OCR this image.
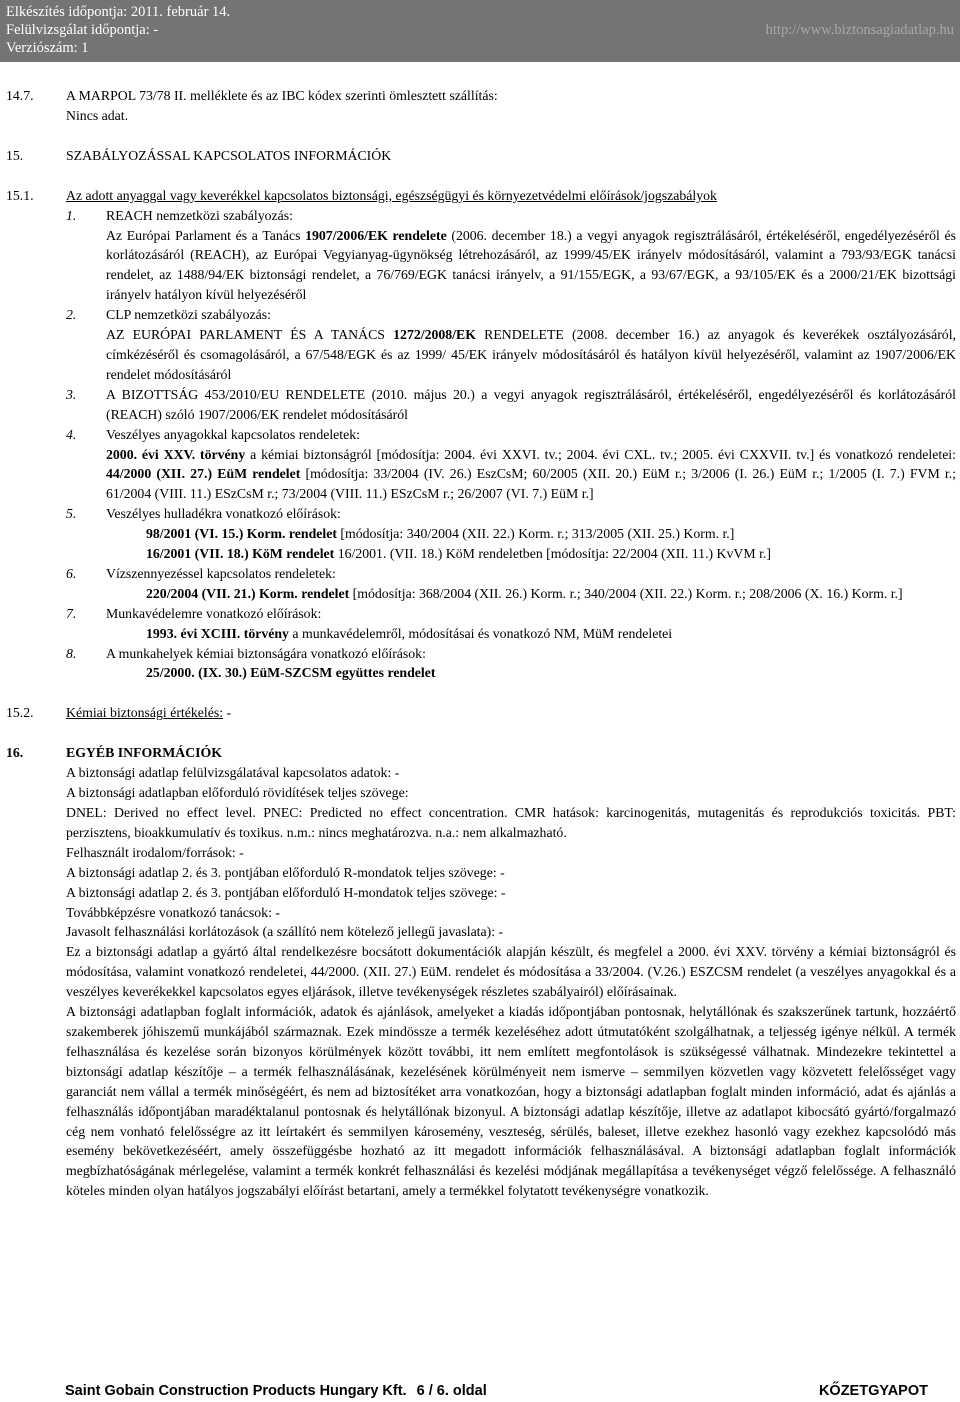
Elkészítés időpontja: 2011. február 14.
Felülvizsgálat időpontja: -
Verziószám: 1
http://www.biztonsagiadatlap.hu
14.7.	A MARPOL 73/78 II. melléklete és az IBC kódex szerinti ömlesztett szállítás:
Nincs adat.
15.	SZABÁLYOZÁSSAL KAPCSOLATOS INFORMÁCIÓK
15.1.	Az adott anyaggal vagy keverékkel kapcsolatos biztonsági, egészségügyi és környezetvédelmi előírások/jogszabályok
1. REACH nemzetközi szabályozás:
Az Európai Parlament és a Tanács 1907/2006/EK rendelete (2006. december 18.) a vegyi anyagok regisztrálásáról, értékeléséről, engedélyezéséről és korlátozásáról (REACH), az Európai Vegyianyag-ügynökség létrehozásáról, az 1999/45/EK irányelv módosításáról, valamint a 793/93/EGK tanácsi rendelet, az 1488/94/EK biztonsági rendelet, a 76/769/EGK tanácsi irányelv, a 91/155/EGK, a 93/67/EGK, a 93/105/EK és a 2000/21/EK bizottsági irányelv hatályon kívül helyezéséről
2. CLP nemzetközi szabályozás:
AZ EURÓPAI PARLAMENT ÉS A TANÁCS 1272/2008/EK RENDELETE (2008. december 16.) az anyagok és keverékek osztályozásáról, címkézéséről és csomagolásáról, a 67/548/EGK és az 1999/ 45/EK irányelv módosításáról és hatályon kívül helyezéséről, valamint az 1907/2006/EK rendelet módosításáról
3. A BIZOTTSÁG 453/2010/EU RENDELETE (2010. május 20.) a vegyi anyagok regisztrálásáról, értékeléséről, engedélyezéséről és korlátozásáról (REACH) szóló 1907/2006/EK rendelet módosításáról
4. Veszélyes anyagokkal kapcsolatos rendeletek:
2000. évi XXV. törvény a kémiai biztonságról [módosítja: 2004. évi XXVI. tv.; 2004. évi CXL. tv.; 2005. évi CXXVII. tv.] és vonatkozó rendeletei: 44/2000 (XII. 27.) EüM rendelet [módosítja: 33/2004 (IV. 26.) EszCsM; 60/2005 (XII. 20.) EüM r.; 3/2006 (I. 26.) EüM r.; 1/2005 (I. 7.) FVM r.; 61/2004 (VIII. 11.) ESzCsM r.; 73/2004 (VIII. 11.) ESzCsM r.; 26/2007 (VI. 7.) EüM r.]
5. Veszélyes hulladékra vonatkozó előírások:
98/2001 (VI. 15.) Korm. rendelet [módosítja: 340/2004 (XII. 22.) Korm. r.; 313/2005 (XII. 25.) Korm. r.]
16/2001 (VII. 18.) KöM rendelet 16/2001. (VII. 18.) KöM rendeletben [módosítja: 22/2004 (XII. 11.) KvVM r.]
6. Vízszennyezéssel kapcsolatos rendeletek:
220/2004 (VII. 21.) Korm. rendelet [módosítja: 368/2004 (XII. 26.) Korm. r.; 340/2004 (XII. 22.) Korm. r.; 208/2006 (X. 16.) Korm. r.]
7. Munkavédelemre vonatkozó előírások:
1993. évi XCIII. törvény a munkavédelemről, módosításai és vonatkozó NM, MüM rendeletei
8. A munkahelyek kémiai biztonságára vonatkozó előírások:
25/2000. (IX. 30.) EüM-SZCSM együttes rendelet
15.2.	Kémiai biztonsági értékelés: -
16.	EGYÉB INFORMÁCIÓK
A biztonsági adatlap felülvizsgálatával kapcsolatos adatok: -
A biztonsági adatlapban előforduló rövidítések teljes szövege:
DNEL: Derived no effect level. PNEC: Predicted no effect concentration. CMR hatások: karcinogenitás, mutagenitás és reprodukciós toxicitás. PBT: perzisztens, bioakkumulatív és toxikus. n.m.: nincs meghatározva. n.a.: nem alkalmazható.
Felhasznált irodalom/források: -
A biztonsági adatlap 2. és 3. pontjában előforduló R-mondatok teljes szövege: -
A biztonsági adatlap 2. és 3. pontjában előforduló H-mondatok teljes szövege: -
Továbbképzésre vonatkozó tanácsok: -
Javasolt felhasználási korlátozások (a szállító nem kötelező jellegű javaslata): -
Ez a biztonsági adatlap a gyártó által rendelkezésre bocsátott dokumentációk alapján készült, és megfelel a 2000. évi XXV. törvény a kémiai biztonságról és módosítása, valamint vonatkozó rendeletei, 44/2000. (XII. 27.) EüM. rendelet és módosítása a 33/2004. (V.26.) ESZCSM rendelet (a veszélyes anyagokkal és a veszélyes keverékekkel kapcsolatos egyes eljárások, illetve tevékenységek részletes szabályairól) előírásainak.
A biztonsági adatlapban foglalt információk, adatok és ajánlások, amelyeket a kiadás időpontjában pontosnak, helytállónak és szakszerűnek tartunk, hozzáértő szakemberek jóhiszemű munkájából származnak. Ezek mindössze a termék kezeléséhez adott útmutatóként szolgálhatnak, a teljesség igénye nélkül. A termék felhasználása és kezelése során bizonyos körülmények között további, itt nem említett megfontolások is szükségessé válhatnak. Mindezekre tekintettel a biztonsági adatlap készítője – a termék felhasználásának, kezelésének körülményeit nem ismerve – semmilyen közvetlen vagy közvetett felelősséget vagy garanciát nem vállal a termék minőségéért, és nem ad biztosítéket arra vonatkozóan, hogy a biztonsági adatlapban foglalt minden információ, adat és ajánlás a felhasználás időpontjában maradéktalanul pontosnak és helytállónak bizonyul. A biztonsági adatlap készítője, illetve az adatlapot kibocsátó gyártó/forgalmazó cég nem vonható felelősségre az itt leírtakért és semmilyen károsemény, veszteség, sérülés, baleset, illetve ezekhez hasonló vagy ezekhez kapcsolódó más esemény bekövetkezéséért, amely összefüggésbe hozható az itt megadott információk felhasználásával. A biztonsági adatlapban foglalt információk megbízhatóságának mérlegelése, valamint a termék konkrét felhasználási és kezelési módjának megállapítása a tevékenységet végző felelőssége. A felhasználó köteles minden olyan hatályos jogszabályi előírást betartani, amely a termékkel folytatott tevékenységre vonatkozik.
Saint Gobain Construction Products Hungary Kft. 6 / 6. oldal	KŐZETGYAPOT
